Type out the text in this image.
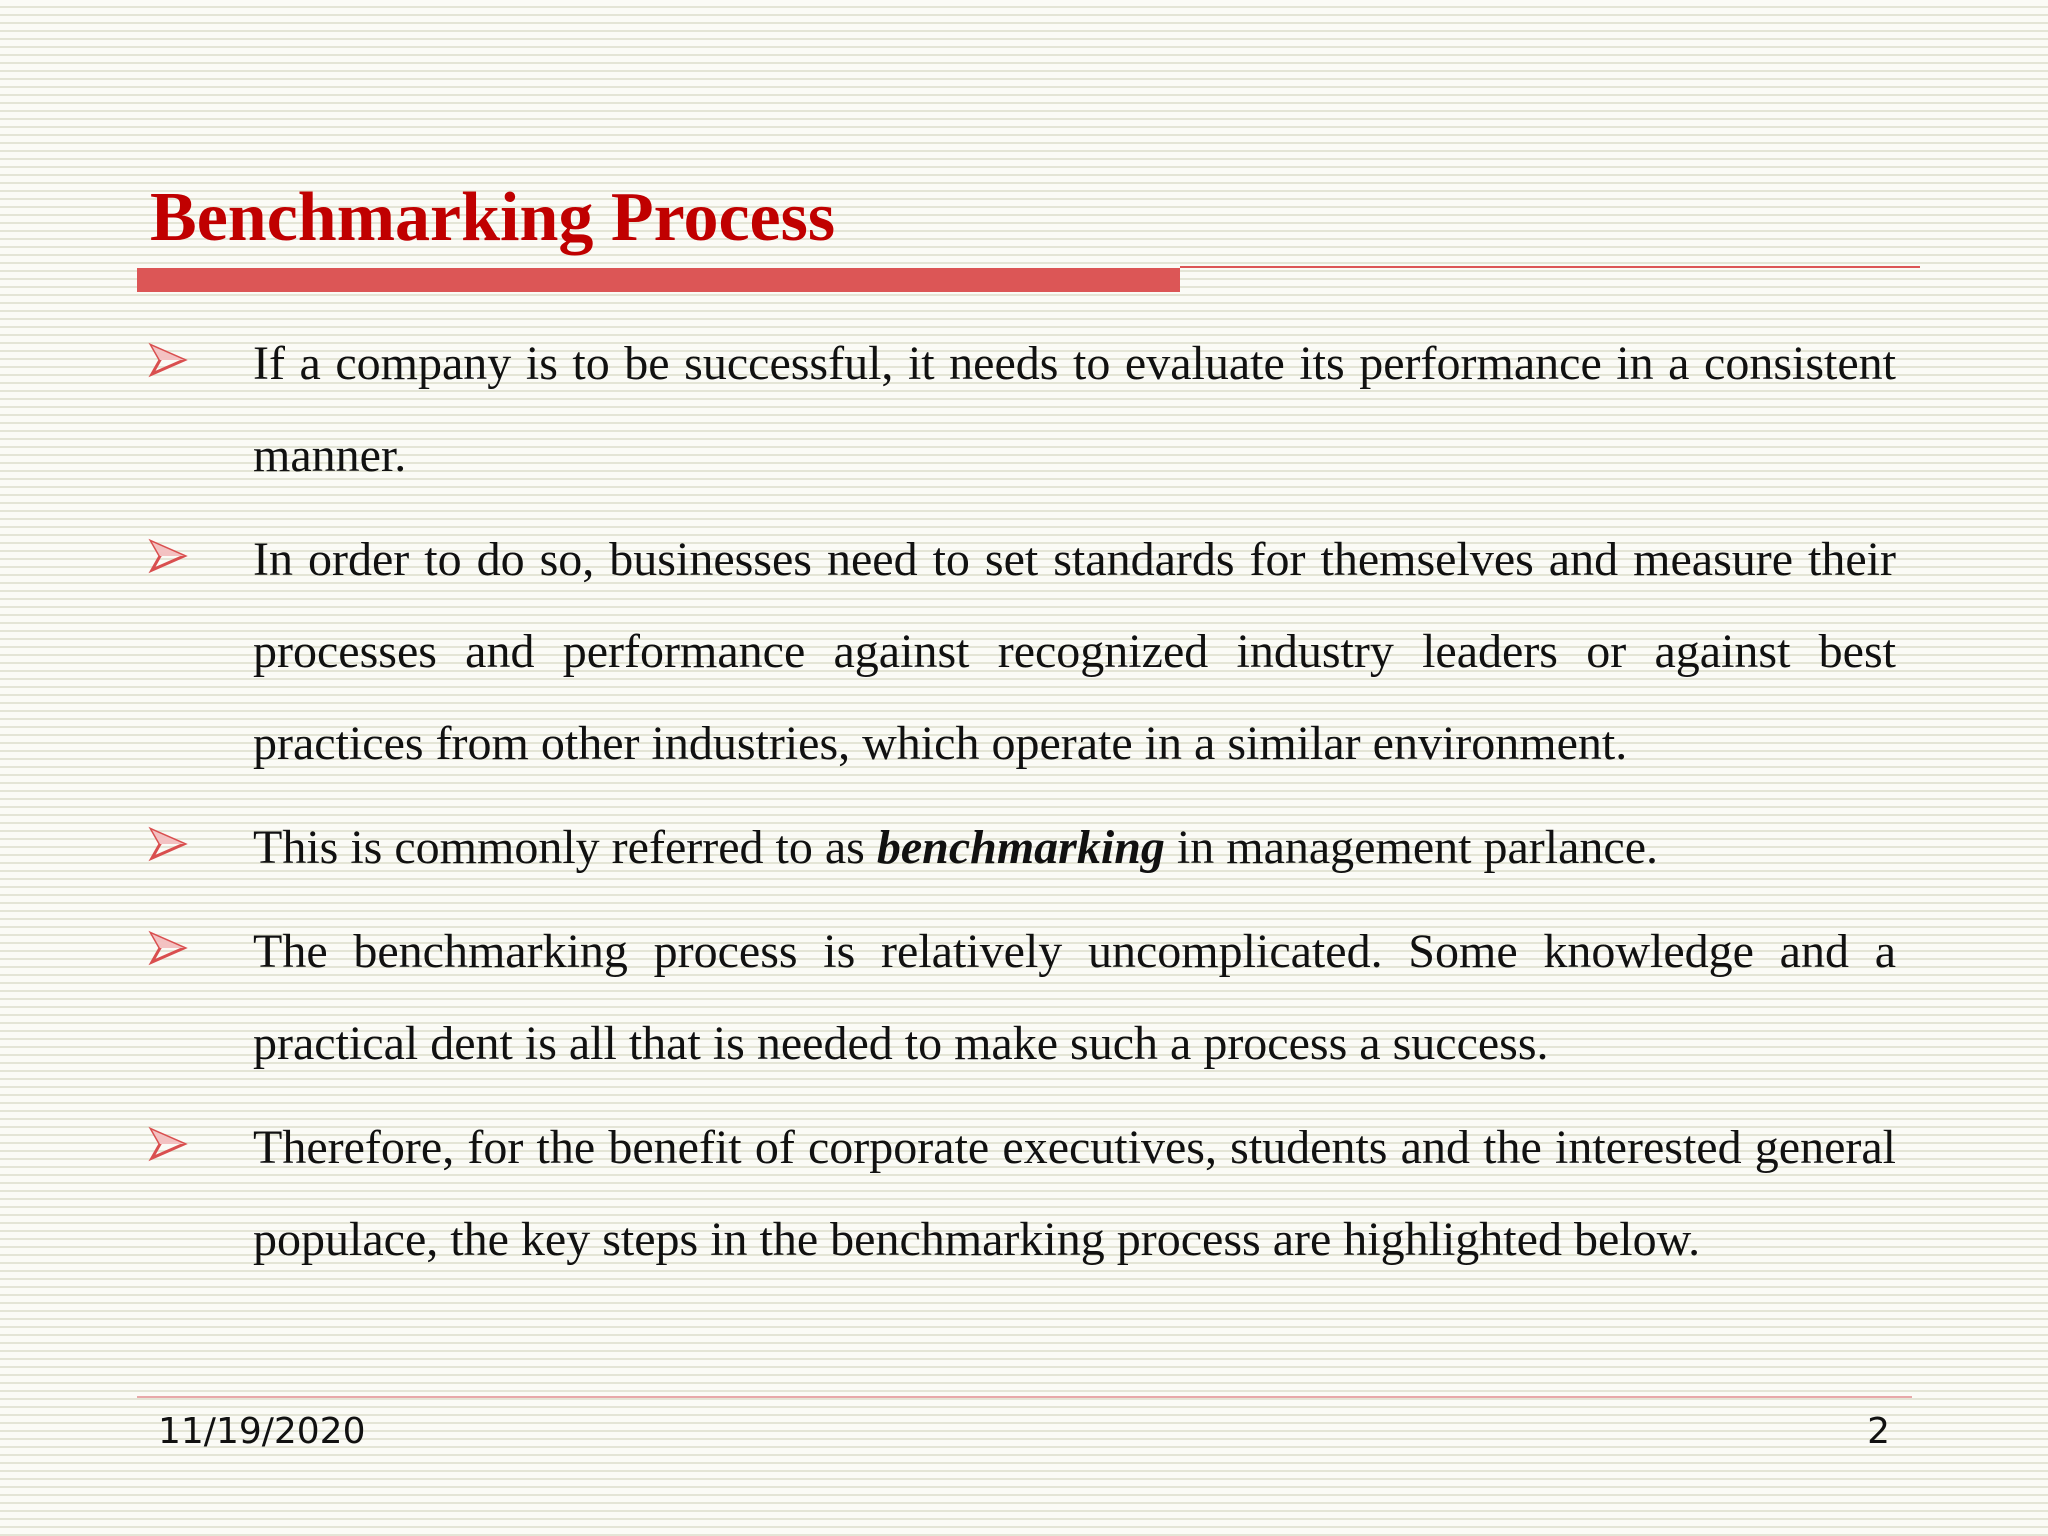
Benchmarking Process

If a company is to be successful, it needs to evaluate its performance in a consistent manner.

In order to do so, businesses need to set standards for themselves and measure their processes and performance against recognized industry leaders or against best practices from other industries, which operate in a similar environment.

This is commonly referred to as benchmarking in management parlance.

The benchmarking process is relatively uncomplicated. Some knowledge and a practical dent is all that is needed to make such a process a success.

Therefore, for the benefit of corporate executives, students and the interested general populace, the key steps in the benchmarking process are highlighted below.

11/19/2020	2
